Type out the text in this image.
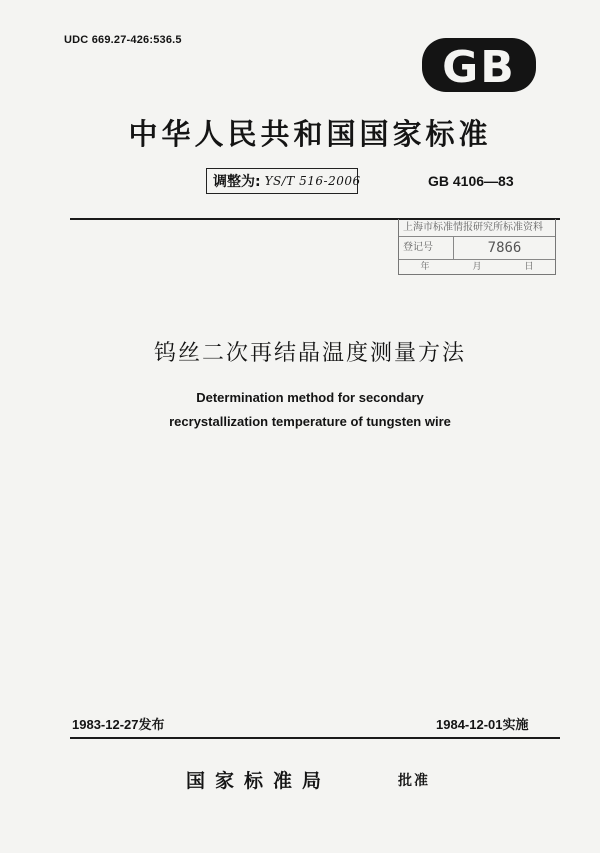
UDC 669.27-426:536.5
GB
中华人民共和国国家标准
调整为: YS/T 516-2006	GB 4106—83
上海市标准情报研究所标准资料
登记号	7866
年	月	日
钨丝二次再结晶温度测量方法
Determination method for secondary
recrystallization temperature of tungsten wire
1983-12-27发布	1984-12-01实施
国家标准局	批准
